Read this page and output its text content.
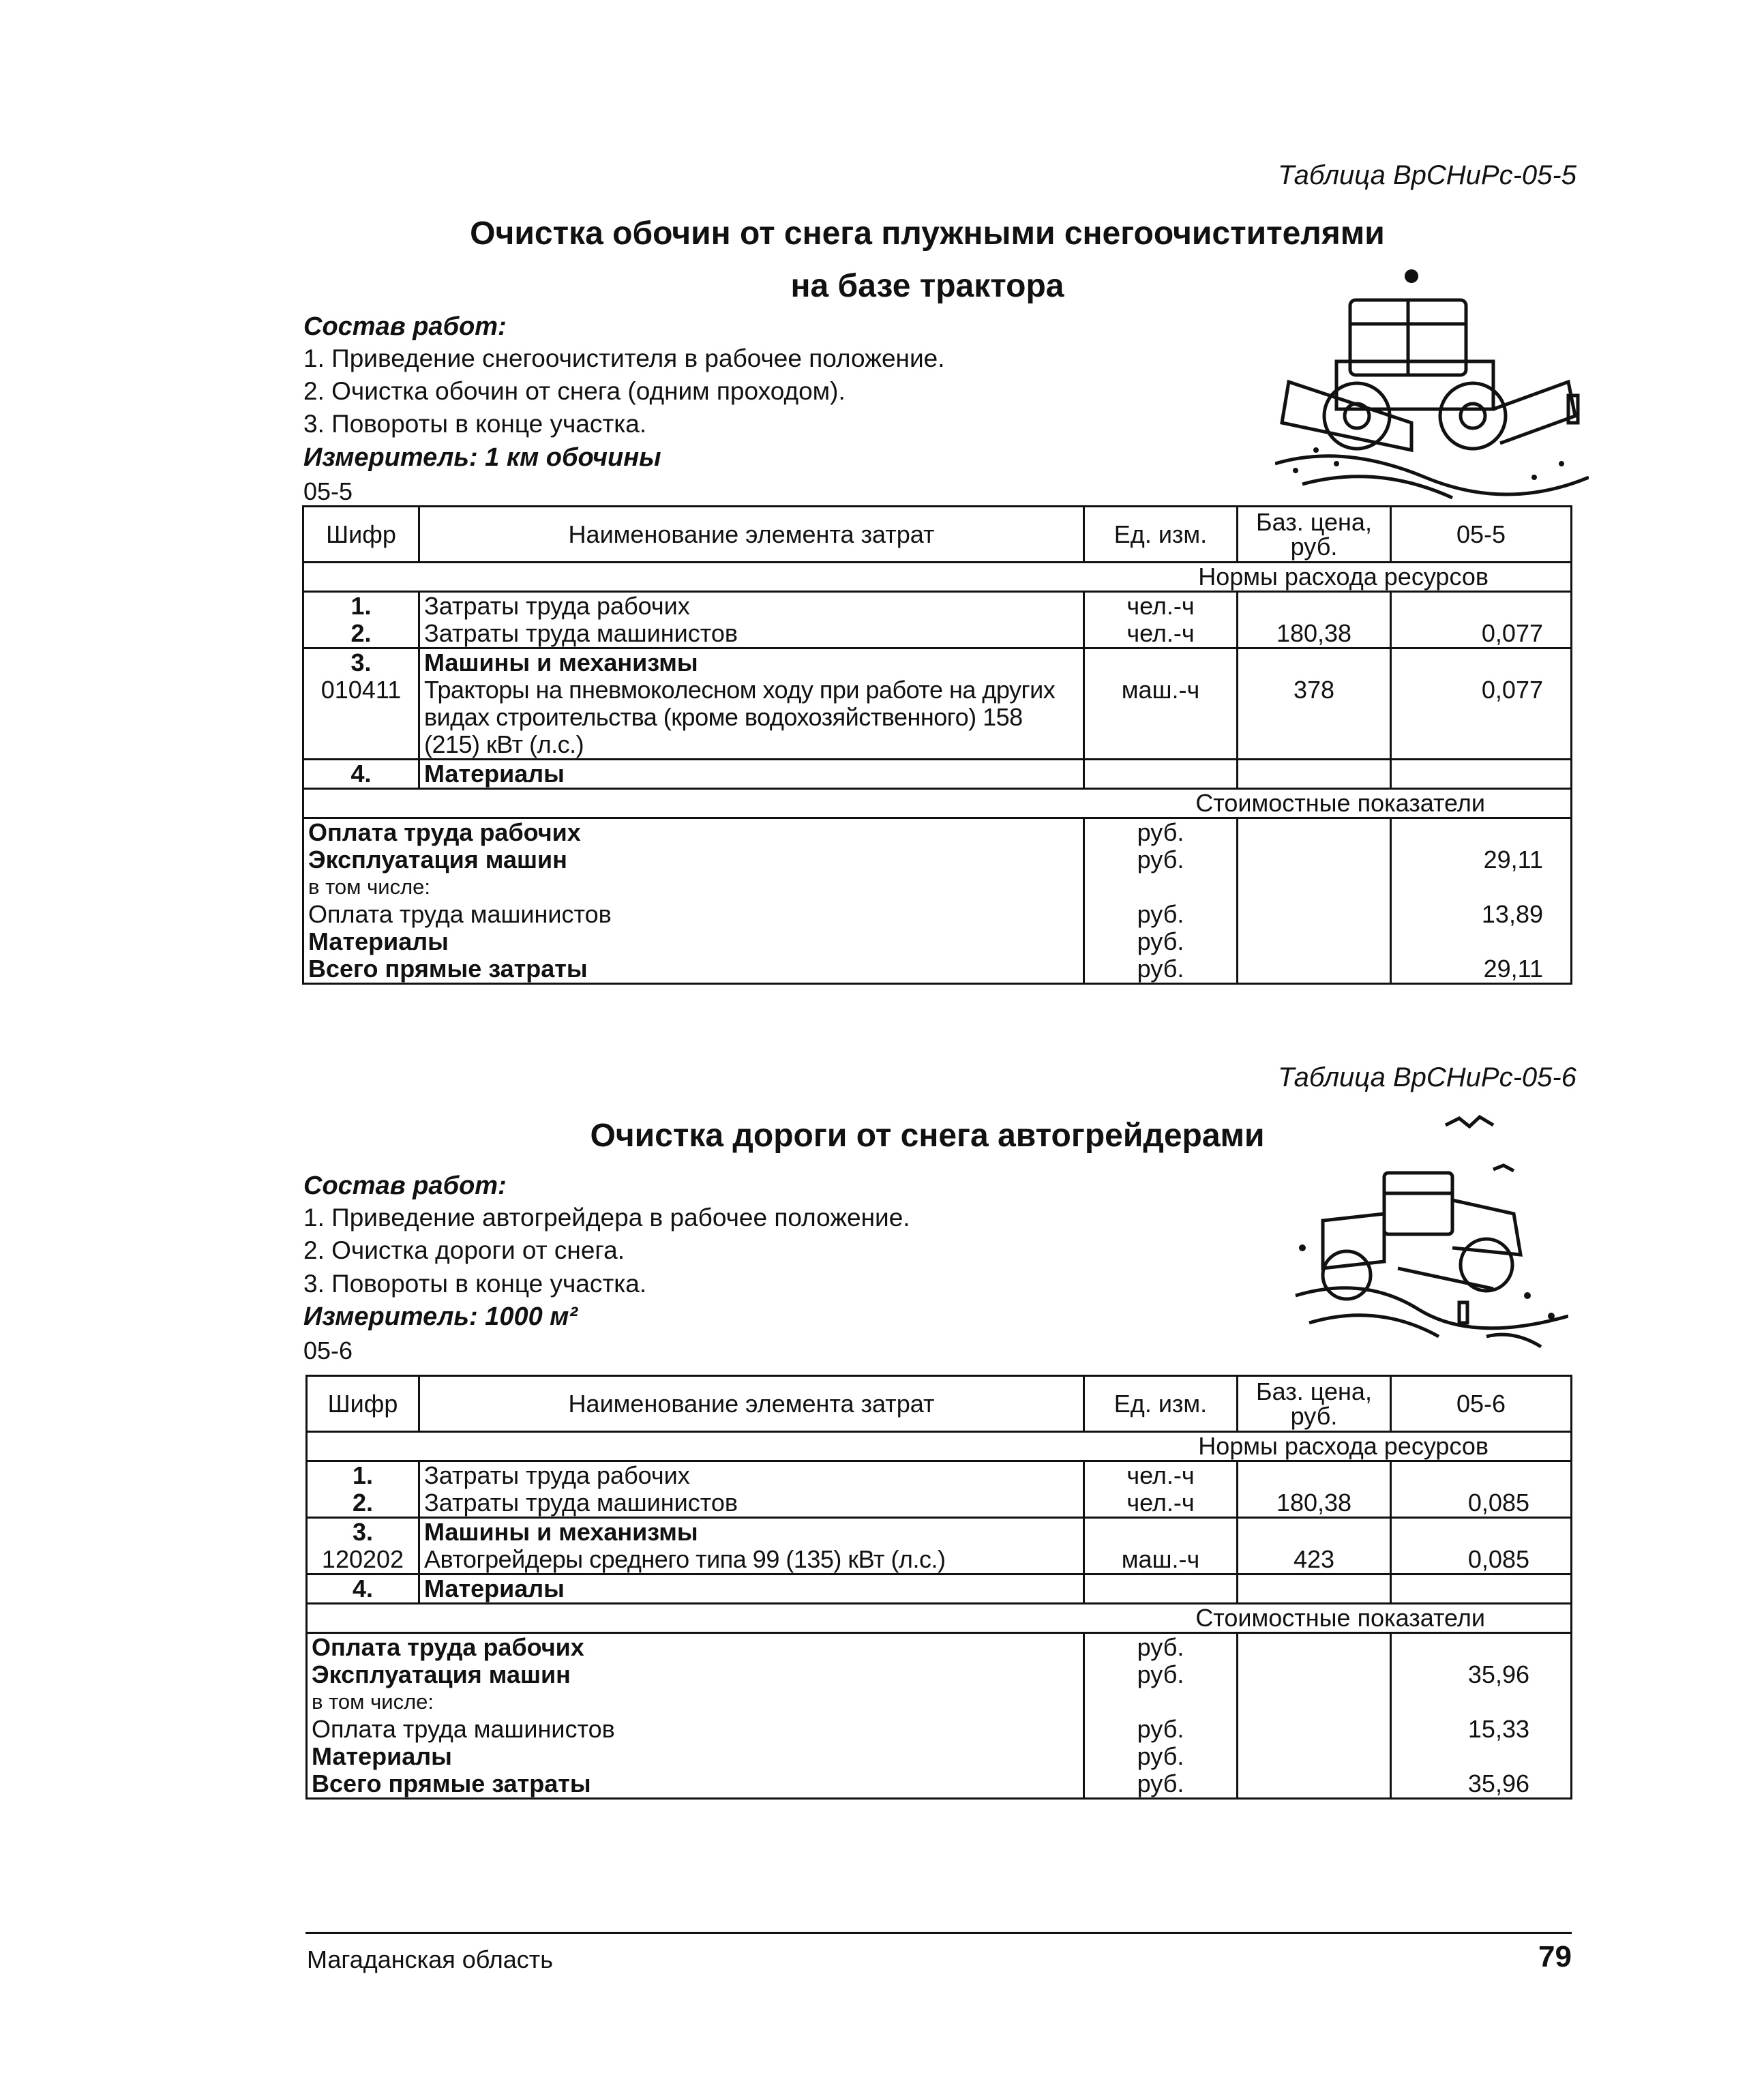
Таблица ВрСНиРс-05-5
Очистка обочин от снега плужными снегоочистителями
на базе трактора
Состав работ:
1. Приведение снегоочистителя в рабочее положение.
2. Очистка обочин от снега (одним проходом).
3. Повороты в конце участка.
Измеритель: 1 км обочины
05-5
Шифр	Наименование элемента затрат	Ед. изм.	Баз. цена, руб.	05-5
Нормы расхода ресурсов				
1.	Затраты труда рабочих	чел.-ч		
2.	Затраты труда машинистов	чел.-ч	180,38	0,077
3.	Машины и механизмы			
010411	Тракторы на пневмоколесном ходу при работе на других видах строительства (кроме водохозяйственного) 158 (215) кВт (л.с.)	маш.-ч	378	0,077
4.	Материалы			
Стоимостные показатели				
Оплата труда рабочих		руб.		
Эксплуатация машин		руб.		29,11
в том числе:				
Оплата труда машинистов		руб.		13,89
Материалы		руб.		
Всего прямые затраты		руб.		29,11
Таблица ВрСНиРс-05-6
Очистка дороги от снега автогрейдерами
Состав работ:
1. Приведение автогрейдера в рабочее положение.
2. Очистка дороги от снега.
3. Повороты в конце участка.
Измеритель: 1000 м²
05-6
Шифр	Наименование элемента затрат	Ед. изм.	Баз. цена, руб.	05-6
Нормы расхода ресурсов				
1.	Затраты труда рабочих	чел.-ч		
2.	Затраты труда машинистов	чел.-ч	180,38	0,085
3.	Машины и механизмы			
120202	Автогрейдеры среднего типа 99 (135) кВт (л.с.)	маш.-ч	423	0,085
4.	Материалы			
Стоимостные показатели				
Оплата труда рабочих		руб.		
Эксплуатация машин		руб.		35,96
в том числе:				
Оплата труда машинистов		руб.		15,33
Материалы		руб.		
Всего прямые затраты		руб.		35,96
Магаданская область	79
